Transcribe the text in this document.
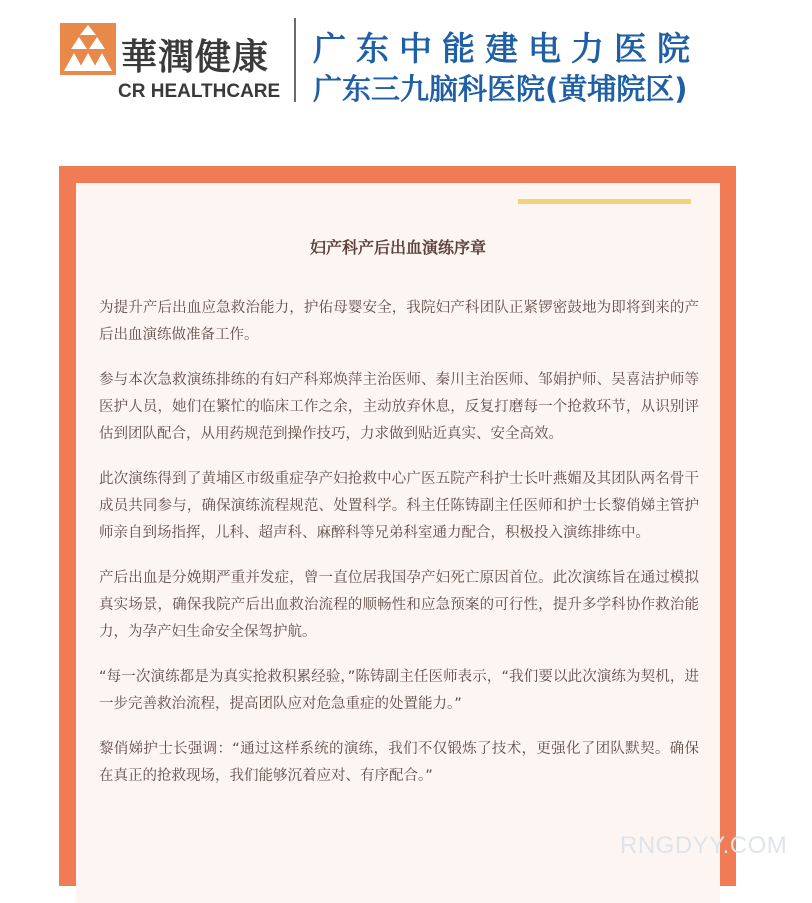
華潤健康
CR HEALTHCARE
广东中能建电力医院
广东三九脑科医院(黄埔院区)
妇产科产后出血演练序章

为提升产后出血应急救治能力，护佑母婴安全，我院妇产科团队正紧锣密鼓地为即将到来的产后出血演练做准备工作。

参与本次急救演练排练的有妇产科郑焕萍主治医师、秦川主治医师、邹娟护师、吴喜洁护师等医护人员，她们在繁忙的临床工作之余，主动放弃休息，反复打磨每一个抢救环节，从识别评估到团队配合，从用药规范到操作技巧，力求做到贴近真实、安全高效。

此次演练得到了黄埔区市级重症孕产妇抢救中心广医五院产科护士长叶燕媚及其团队两名骨干成员共同参与，确保演练流程规范、处置科学。科主任陈铸副主任医师和护士长黎俏娣主管护师亲自到场指挥，儿科、超声科、麻醉科等兄弟科室通力配合，积极投入演练排练中。

产后出血是分娩期严重并发症，曾一直位居我国孕产妇死亡原因首位。此次演练旨在通过模拟真实场景，确保我院产后出血救治流程的顺畅性和应急预案的可行性，提升多学科协作救治能力，为孕产妇生命安全保驾护航。

“每一次演练都是为真实抢救积累经验，”陈铸副主任医师表示，“我们要以此次演练为契机，进一步完善救治流程，提高团队应对危急重症的处置能力。”

黎俏娣护士长强调：“通过这样系统的演练，我们不仅锻炼了技术，更强化了团队默契。确保在真正的抢救现场，我们能够沉着应对、有序配合。”

RNGDYY.COM
